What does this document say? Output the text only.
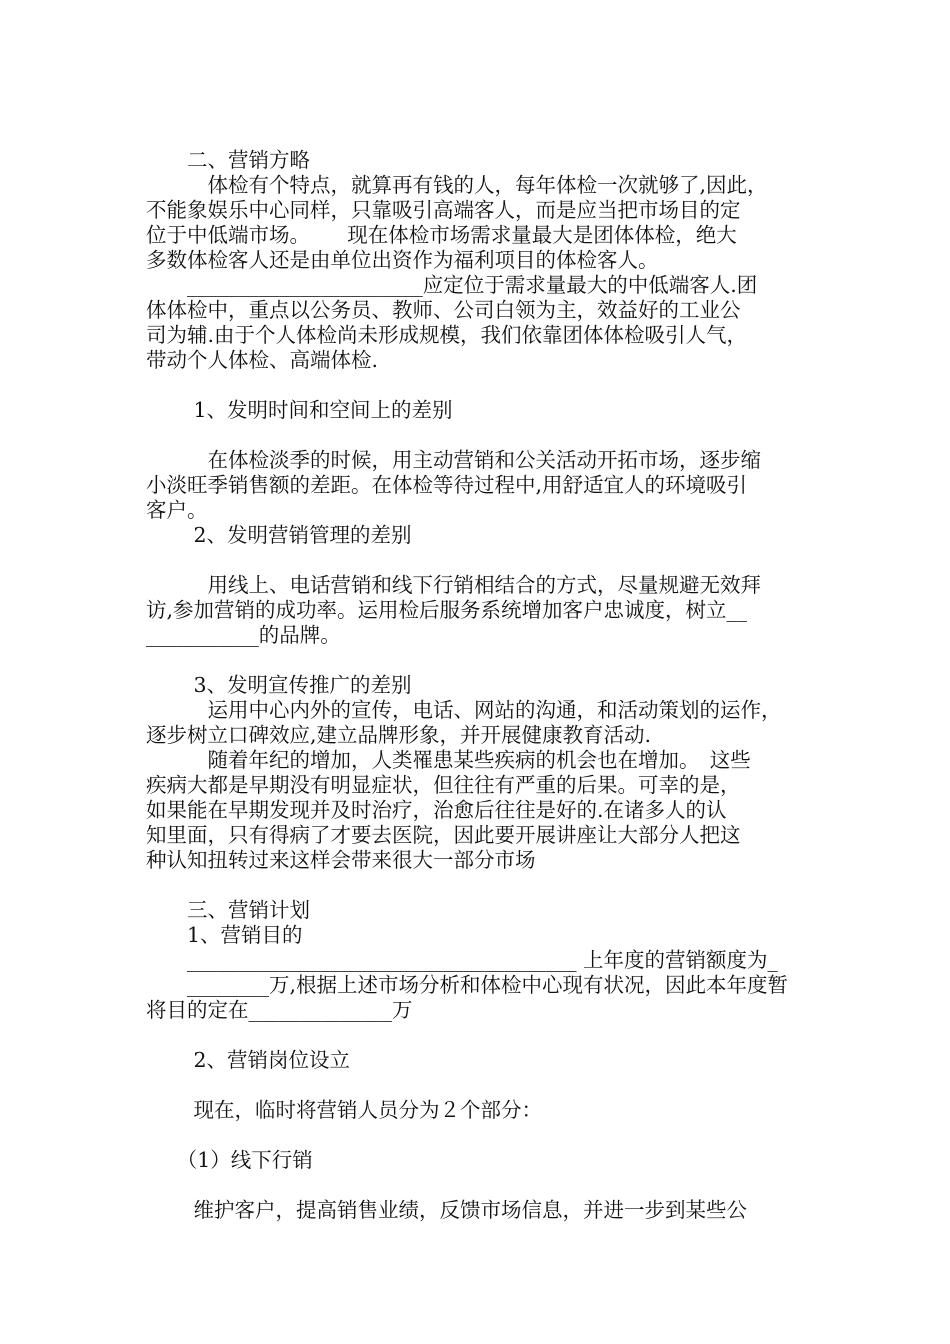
　　二、营销方略
　　　体检有个特点，就算再有钱的人，每年体检一次就够了,因此，
不能象娱乐中心同样，只靠吸引高端客人，而是应当把市场目的定
位于中低端市场。　　 现在体检市场需求量最大是团体体检，绝大
多数体检客人还是由单位出资作为福利项目的体检客人。
　　_______________________应定位于需求量最大的中低端客人.团
体体检中，重点以公务员、教师、公司白领为主，效益好的工业公
司为辅.由于个人体检尚未形成规模，我们依靠团体体检吸引人气，
带动个人体检、高端体检.
　　 1、发明时间和空间上的差别
　　　在体检淡季的时候，用主动营销和公关活动开拓市场，逐步缩
小淡旺季销售额的差距。在体检等待过程中,用舒适宜人的环境吸引
客户。
　　 2、发明营销管理的差别
　　　用线上、电话营销和线下行销相结合的方式，尽量规避无效拜
访,参加营销的成功率。运用检后服务系统增加客户忠诚度，树立__
___________的品牌。
　　 3、发明宣传推广的差别
　　　运用中心内外的宣传，电话、网站的沟通，和活动策划的运作，
逐步树立口碑效应,建立品牌形象，并开展健康教育活动.
　　　随着年纪的增加，人类罹患某些疾病的机会也在增加。　这些
疾病大都是早期没有明显症状，但往往有严重的后果。可幸的是，
如果能在早期发现并及时治疗，治愈后往往是好的.在诸多人的认
知里面，只有得病了才要去医院，因此要开展讲座让大部分人把这
种认知扭转过来这样会带来很大一部分市场
　　三、营销计划
　　1、营销目的
　　______________________________________ 上年度的营销额度为_
　　________万,根据上述市场分析和体检中心现有状况，因此本年度暂
将目的定在______________万
　　 2、营销岗位设立
　　 现在，临时将营销人员分为２个部分：
　　（1）线下行销
　　 维护客户，提高销售业绩，反馈市场信息，并进一步到某些公
